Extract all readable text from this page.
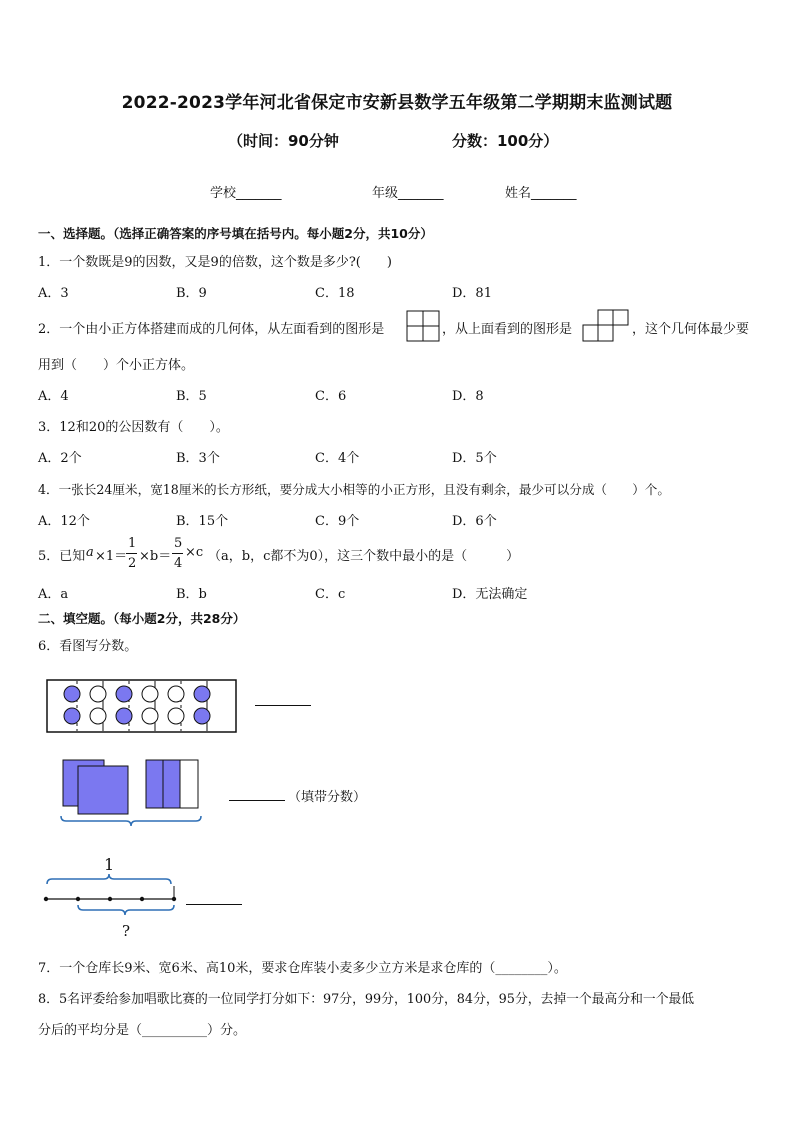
2022-2023学年河北省保定市安新县数学五年级第二学期期末监测试题
（时间：90分钟	分数：100分）
学校_______	年级_______	姓名_______
一、选择题。（选择正确答案的序号填在括号内。每小题2分，共10分）
1．一个数既是9的因数，又是9的倍数，这个数是多少?(　　)
A．3	B．9	C．18	D．81
2．一个由小正方体搭建而成的几何体，从左面看到的图形是	，从上面看到的图形是	，这个几何体最少要
用到（　　）个小正方体。
A．4	B．5	C．6	D．8
3．12和20的公因数有（　　）。
A．2个	B．3个	C．4个	D．5个
4．一张长24厘米，宽18厘米的长方形纸，要分成大小相等的小正方形，且没有剩余，最少可以分成（　　）个。
A．12个	B．15个	C．9个	D．6个
5．已知 a ×1＝
1
2 ×b＝
5
4
×c （a，b，c都不为0），这三个数中最小的是（　　　）
A．a	B．b	C．c	D．无法确定
二、填空题。（每小题2分，共28分）
6．看图写分数。
（填带分数）
1
?
7．一个仓库长9米、宽6米、高10米，要求仓库装小麦多少立方米是求仓库的（________）。
8．5名评委给参加唱歌比赛的一位同学打分如下：97分，99分，100分，84分，95分，去掉一个最高分和一个最低
分后的平均分是（__________）分。
